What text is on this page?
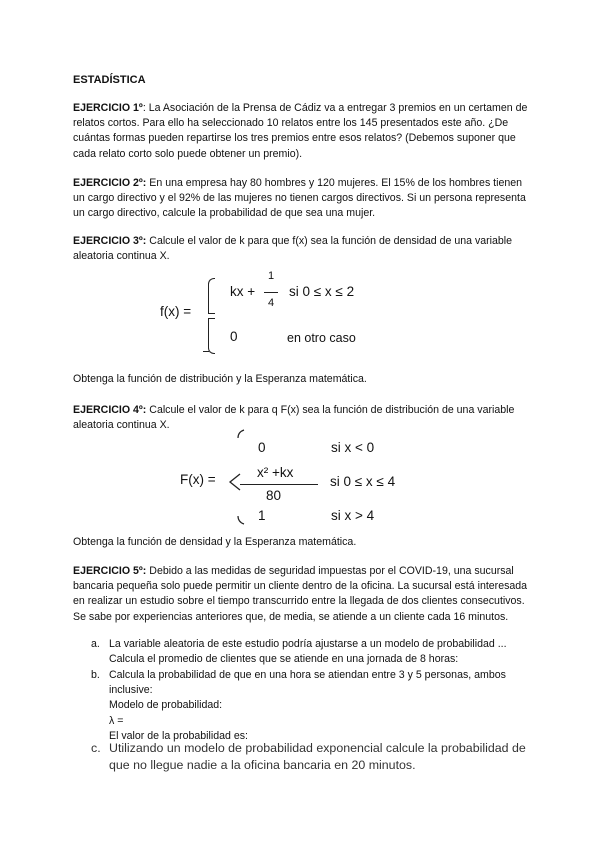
ESTADÍSTICA
EJERCICIO 1º: La Asociación de la Prensa de Cádiz va a entregar 3 premios en un certamen de relatos cortos. Para ello ha seleccionado 10 relatos entre los 145 presentados este año. ¿De cuántas formas pueden repartirse los tres premios entre esos relatos? (Debemos suponer que cada relato corto solo puede obtener un premio).
EJERCICIO 2º: En una empresa hay 80 hombres y 120 mujeres. El 15% de los hombres tienen un cargo directivo y el 92% de las mujeres no tienen cargos directivos. Si un persona representa un cargo directivo, calcule la probabilidad de que sea una mujer.
EJERCICIO 3º: Calcule el valor de k para que f(x) sea la función de densidad de una variable aleatoria continua X.
f(x) =
kx +
1
4
si 0 ≤ x ≤ 2
0	en otro caso
Obtenga la función de distribución y la Esperanza matemática.
EJERCICIO 4º: Calcule el valor de k para q F(x) sea la función de distribución de una variable aleatoria continua X.
F(x) =
0	si x < 0
x² +kx
80
si 0 ≤ x ≤ 4
1	si x > 4
Obtenga la función de densidad y la Esperanza matemática.
EJERCICIO 5º: Debido a las medidas de seguridad impuestas por el COVID-19, una sucursal bancaria pequeña solo puede permitir un cliente dentro de la oficina. La sucursal está interesada en realizar un estudio sobre el tiempo transcurrido entre la llegada de dos clientes consecutivos. Se sabe por experiencias anteriores que, de media, se atiende a un cliente cada 16 minutos.
a. La variable aleatoria de este estudio podría ajustarse a un modelo de probabilidad ...
Calcula el promedio de clientes que se atiende en una jornada de 8 horas:
b. Calcula la probabilidad de que en una hora se atiendan entre 3 y 5 personas, ambos inclusive:
Modelo de probabilidad:
λ =
El valor de la probabilidad es:
c. Utilizando un modelo de probabilidad exponencial calcule la probabilidad de que no llegue nadie a la oficina bancaria en 20 minutos.
